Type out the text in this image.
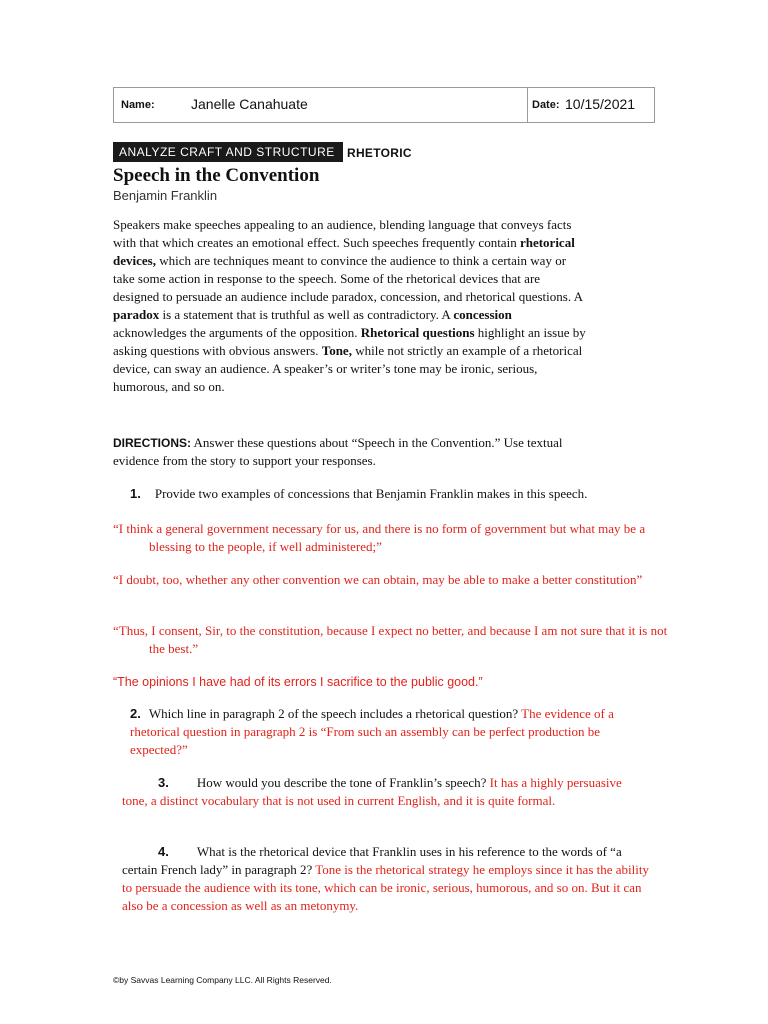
Name:	Janelle Canahuate	Date: 10/15/2021
ANALYZE CRAFT AND STRUCTURE	RHETORIC
Speech in the Convention
Benjamin Franklin
Speakers make speeches appealing to an audience, blending language that conveys facts with that which creates an emotional effect. Such speeches frequently contain rhetorical devices, which are techniques meant to convince the audience to think a certain way or take some action in response to the speech. Some of the rhetorical devices that are designed to persuade an audience include paradox, concession, and rhetorical questions. A paradox is a statement that is truthful as well as contradictory. A concession acknowledges the arguments of the opposition. Rhetorical questions highlight an issue by asking questions with obvious answers. Tone, while not strictly an example of a rhetorical device, can sway an audience. A speaker’s or writer’s tone may be ironic, serious, humorous, and so on.
DIRECTIONS: Answer these questions about “Speech in the Convention.” Use textual evidence from the story to support your responses.
1. Provide two examples of concessions that Benjamin Franklin makes in this speech.
“I think a general government necessary for us, and there is no form of government but what may be a blessing to the people, if well administered;”
“I doubt, too, whether any other convention we can obtain, may be able to make a better constitution”
“Thus, I consent, Sir, to the constitution, because I expect no better, and because I am not sure that it is not the best.”
“The opinions I have had of its errors I sacrifice to the public good.”
2. Which line in paragraph 2 of the speech includes a rhetorical question? The evidence of a rhetorical question in paragraph 2 is “From such an assembly can be perfect production be expected?”
3. How would you describe the tone of Franklin’s speech? It has a highly persuasive tone, a distinct vocabulary that is not used in current English, and it is quite formal.
4. What is the rhetorical device that Franklin uses in his reference to the words of “a certain French lady” in paragraph 2? Tone is the rhetorical strategy he employs since it has the ability to persuade the audience with its tone, which can be ironic, serious, humorous, and so on. But it can also be a concession as well as an metonymy.
©by Savvas Learning Company LLC. All Rights Reserved.
